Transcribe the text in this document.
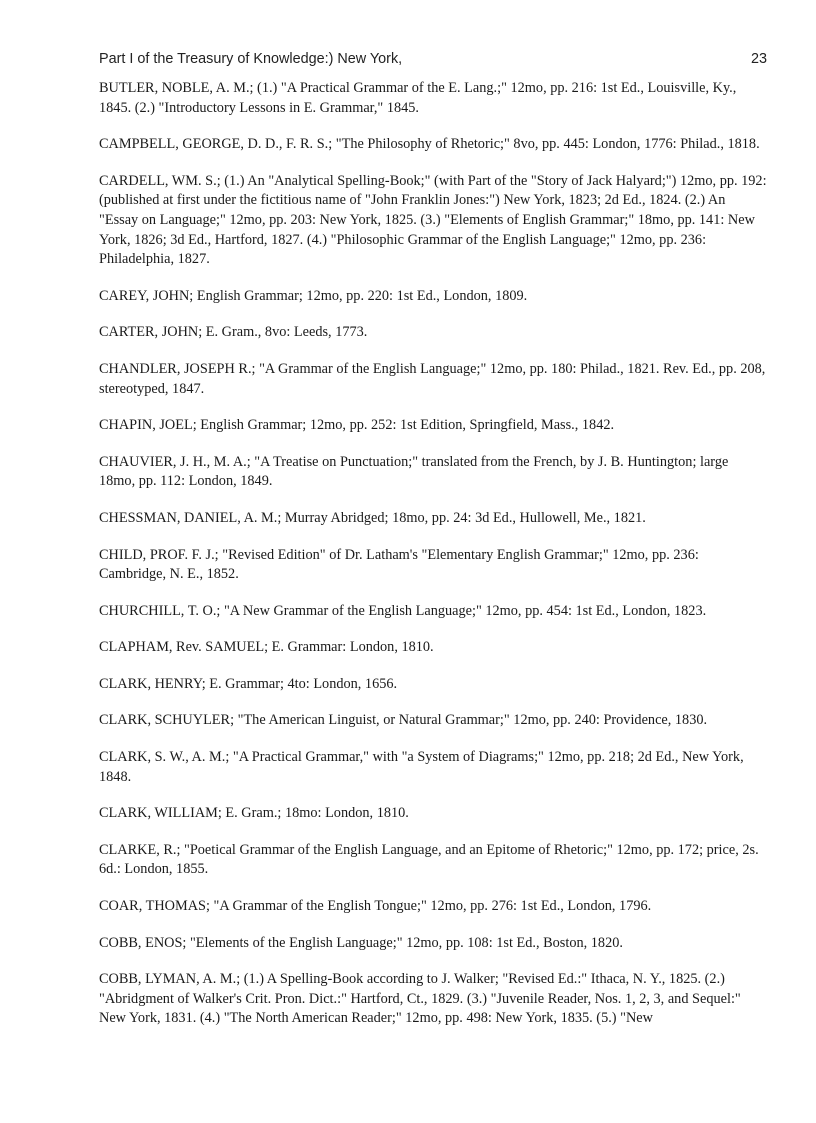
Part I of the Treasury of Knowledge:) New York,	23

BUTLER, NOBLE, A. M.; (1.) "A Practical Grammar of the E. Lang.;" 12mo, pp. 216: 1st Ed., Louisville, Ky., 1845. (2.) "Introductory Lessons in E. Grammar," 1845.

CAMPBELL, GEORGE, D. D., F. R. S.; "The Philosophy of Rhetoric;" 8vo, pp. 445: London, 1776: Philad., 1818.

CARDELL, WM. S.; (1.) An "Analytical Spelling-Book;" (with Part of the "Story of Jack Halyard;") 12mo, pp. 192: (published at first under the fictitious name of "John Franklin Jones:") New York, 1823; 2d Ed., 1824. (2.) An "Essay on Language;" 12mo, pp. 203: New York, 1825. (3.) "Elements of English Grammar;" 18mo, pp. 141: New York, 1826; 3d Ed., Hartford, 1827. (4.) "Philosophic Grammar of the English Language;" 12mo, pp. 236: Philadelphia, 1827.

CAREY, JOHN; English Grammar; 12mo, pp. 220: 1st Ed., London, 1809.

CARTER, JOHN; E. Gram., 8vo: Leeds, 1773.

CHANDLER, JOSEPH R.; "A Grammar of the English Language;" 12mo, pp. 180: Philad., 1821. Rev. Ed., pp. 208, stereotyped, 1847.

CHAPIN, JOEL; English Grammar; 12mo, pp. 252: 1st Edition, Springfield, Mass., 1842.

CHAUVIER, J. H., M. A.; "A Treatise on Punctuation;" translated from the French, by J. B. Huntington; large 18mo, pp. 112: London, 1849.

CHESSMAN, DANIEL, A. M.; Murray Abridged; 18mo, pp. 24: 3d Ed., Hullowell, Me., 1821.

CHILD, PROF. F. J.; "Revised Edition" of Dr. Latham's "Elementary English Grammar;" 12mo, pp. 236: Cambridge, N. E., 1852.

CHURCHILL, T. O.; "A New Grammar of the English Language;" 12mo, pp. 454: 1st Ed., London, 1823.

CLAPHAM, Rev. SAMUEL; E. Grammar: London, 1810.

CLARK, HENRY; E. Grammar; 4to: London, 1656.

CLARK, SCHUYLER; "The American Linguist, or Natural Grammar;" 12mo, pp. 240: Providence, 1830.

CLARK, S. W., A. M.; "A Practical Grammar," with "a System of Diagrams;" 12mo, pp. 218; 2d Ed., New York, 1848.

CLARK, WILLIAM; E. Gram.; 18mo: London, 1810.

CLARKE, R.; "Poetical Grammar of the English Language, and an Epitome of Rhetoric;" 12mo, pp. 172; price, 2s. 6d.: London, 1855.

COAR, THOMAS; "A Grammar of the English Tongue;" 12mo, pp. 276: 1st Ed., London, 1796.

COBB, ENOS; "Elements of the English Language;" 12mo, pp. 108: 1st Ed., Boston, 1820.

COBB, LYMAN, A. M.; (1.) A Spelling-Book according to J. Walker; "Revised Ed.:" Ithaca, N. Y., 1825. (2.) "Abridgment of Walker's Crit. Pron. Dict.:" Hartford, Ct., 1829. (3.) "Juvenile Reader, Nos. 1, 2, 3, and Sequel:" New York, 1831. (4.) "The North American Reader;" 12mo, pp. 498: New York, 1835. (5.) "New
